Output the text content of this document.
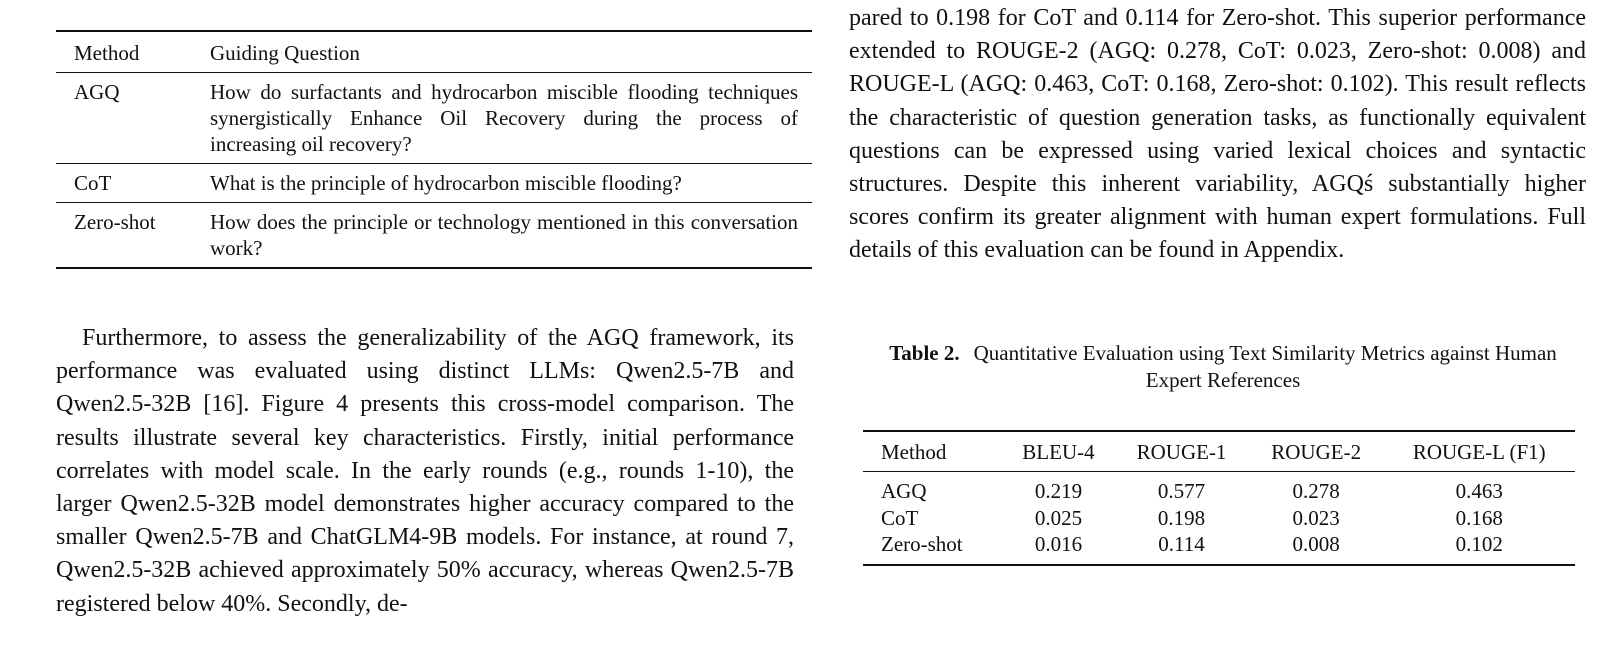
Method	Guiding Question
AGQ	How do surfactants and hydrocarbon miscible flooding techniques synergistically Enhance Oil Recovery during the process of increasing oil recovery?
CoT	What is the principle of hydrocarbon miscible flooding?
Zero-shot	How does the principle or technology mentioned in this conversation work?

Furthermore, to assess the generalizability of the AGQ framework, its performance was evaluated using distinct LLMs: Qwen2.5-7B and Qwen2.5-32B [16]. Figure 4 presents this cross-model comparison. The results illustrate several key characteristics. Firstly, initial performance correlates with model scale. In the early rounds (e.g., rounds 1-10), the larger Qwen2.5-32B model demonstrates higher accuracy compared to the smaller Qwen2.5-7B and ChatGLM4-9B models. For instance, at round 7, Qwen2.5-32B achieved approximately 50% accuracy, whereas Qwen2.5-7B registered below 40%. Secondly, de-

pared to 0.198 for CoT and 0.114 for Zero-shot. This superior performance extended to ROUGE-2 (AGQ: 0.278, CoT: 0.023, Zero-shot: 0.008) and ROUGE-L (AGQ: 0.463, CoT: 0.168, Zero-shot: 0.102). This result reflects the characteristic of question generation tasks, as functionally equivalent questions can be expressed using varied lexical choices and syntactic structures. Despite this inherent variability, AGQś substantially higher scores confirm its greater alignment with human expert formulations. Full details of this evaluation can be found in Appendix.

Table 2. Quantitative Evaluation using Text Similarity Metrics against Human Expert References
Method	BLEU-4	ROUGE-1	ROUGE-2	ROUGE-L (F1)
AGQ	0.219	0.577	0.278	0.463
CoT	0.025	0.198	0.023	0.168
Zero-shot	0.016	0.114	0.008	0.102
